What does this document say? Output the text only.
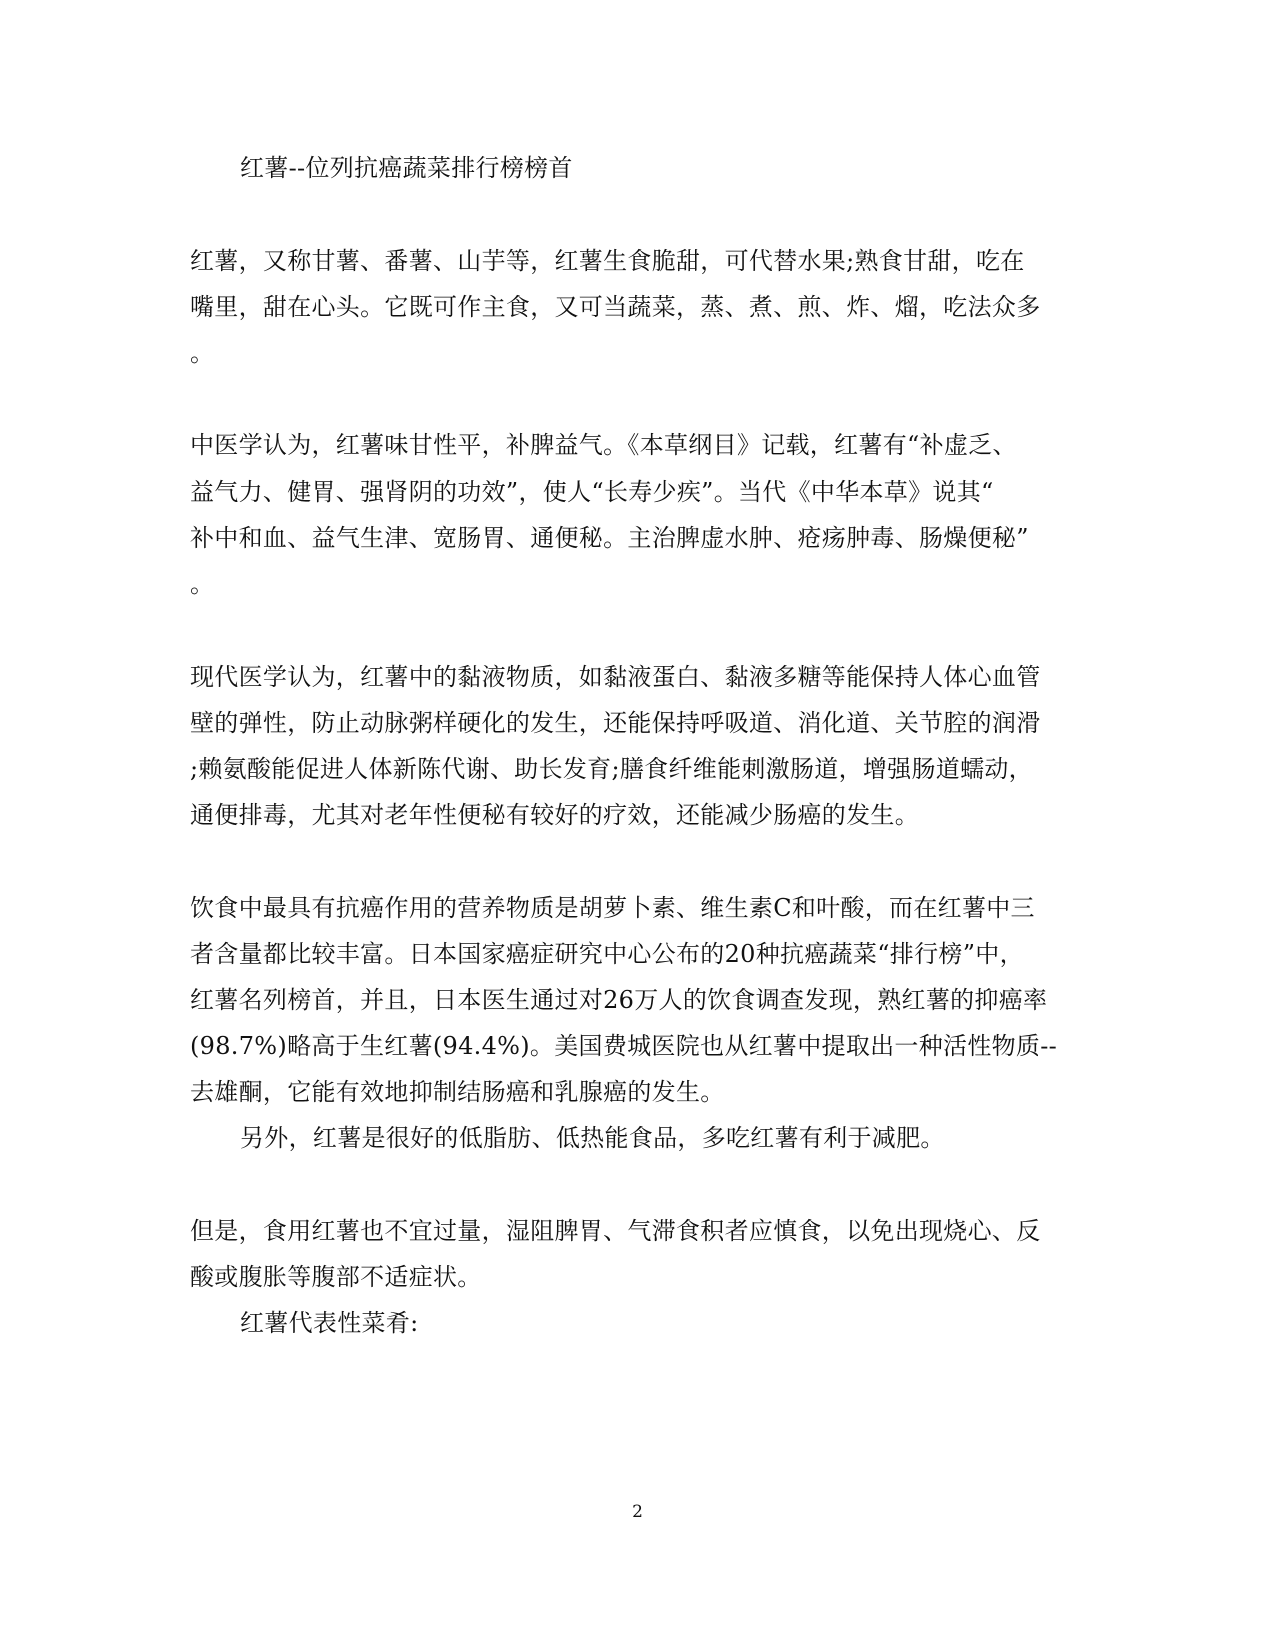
红薯--位列抗癌蔬菜排行榜榜首
红薯，又称甘薯、番薯、山芋等，红薯生食脆甜，可代替水果;熟食甘甜，吃在
嘴里，甜在心头。它既可作主食，又可当蔬菜，蒸、煮、煎、炸、熘，吃法众多
。
中医学认为，红薯味甘性平，补脾益气。《本草纲目》记载，红薯有“补虚乏、
益气力、健胃、强肾阴的功效”，使人“长寿少疾”。当代《中华本草》说其“
补中和血、益气生津、宽肠胃、通便秘。主治脾虚水肿、疮疡肿毒、肠燥便秘”
。
现代医学认为，红薯中的黏液物质，如黏液蛋白、黏液多糖等能保持人体心血管
壁的弹性，防止动脉粥样硬化的发生，还能保持呼吸道、消化道、关节腔的润滑
;赖氨酸能促进人体新陈代谢、助长发育;膳食纤维能刺激肠道，增强肠道蠕动，
通便排毒，尤其对老年性便秘有较好的疗效，还能减少肠癌的发生。
饮食中最具有抗癌作用的营养物质是胡萝卜素、维生素C和叶酸，而在红薯中三
者含量都比较丰富。日本国家癌症研究中心公布的20种抗癌蔬菜“排行榜”中，
红薯名列榜首，并且，日本医生通过对26万人的饮食调查发现，熟红薯的抑癌率
(98.7%)略高于生红薯(94.4%)。美国费城医院也从红薯中提取出一种活性物质--
去雄酮，它能有效地抑制结肠癌和乳腺癌的发生。
另外，红薯是很好的低脂肪、低热能食品，多吃红薯有利于减肥。
但是，食用红薯也不宜过量，湿阻脾胃、气滞食积者应慎食，以免出现烧心、反
酸或腹胀等腹部不适症状。
红薯代表性菜肴:
2
